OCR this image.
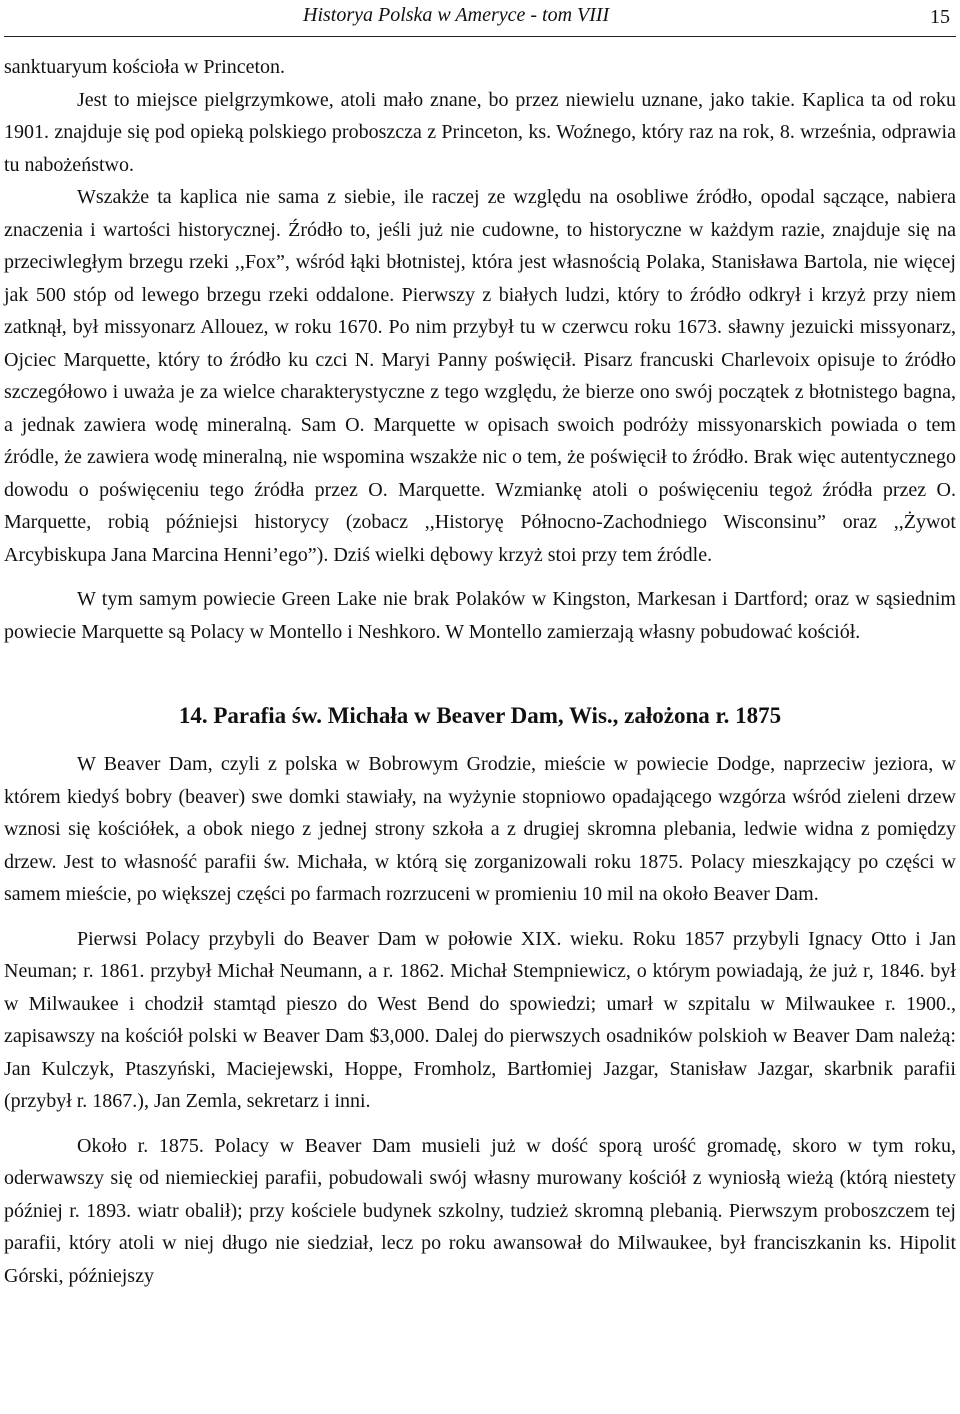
Historya Polska w Ameryce - tom VIII	15

sanktuaryum kościoła w Princeton.

Jest to miejsce pielgrzymkowe, atoli mało znane, bo przez niewielu uznane, jako takie. Kaplica ta od roku 1901. znajduje się pod opieką polskiego proboszcza z Princeton, ks. Woźnego, który raz na rok, 8. września, odprawia tu nabożeństwo.

Wszakże ta kaplica nie sama z siebie, ile raczej ze względu na osobliwe źródło, opodal sączące, nabiera znaczenia i wartości historycznej. Źródło to, jeśli już nie cudowne, to historyczne w każdym razie, znajduje się na przeciwległym brzegu rzeki ,,Fox”, wśród łąki błotnistej, która jest własnością Polaka, Stanisława Bartola, nie więcej jak 500 stóp od lewego brzegu rzeki oddalone. Pierwszy z białych ludzi, który to źródło odkrył i krzyż przy niem zatknął, był missyonarz Allouez, w roku 1670. Po nim przybył tu w czerwcu roku 1673. sławny jezuicki missyonarz, Ojciec Marquette, który to źródło ku czci N. Maryi Panny poświęcił. Pisarz francuski Charlevoix opisuje to źródło szczegółowo i uważa je za wielce charakterystyczne z tego względu, że bierze ono swój początek z błotnistego bagna, a jednak zawiera wodę mineralną. Sam O. Marquette w opisach swoich podróży missyonarskich powiada o tem źródle, że zawiera wodę mineralną, nie wspomina wszakże nic o tem, że poświęcił to źródło. Brak więc autentycznego dowodu o poświęceniu tego źródła przez O. Marquette. Wzmiankę atoli o poświęceniu tegoż źródła przez O. Marquette, robią późniejsi historycy (zobacz ,,Historyę Północno-Zachodniego Wisconsinu” oraz ,,Żywot Arcybiskupa Jana Marcina Henni’ego”). Dziś wielki dębowy krzyż stoi przy tem źródle.

W tym samym powiecie Green Lake nie brak Polaków w Kingston, Markesan i Dartford; oraz w sąsiednim powiecie Marquette są Polacy w Montello i Neshkoro. W Montello zamierzają własny pobudować kościół.

14. Parafia św. Michała w Beaver Dam, Wis., założona r. 1875

W Beaver Dam, czyli z polska w Bobrowym Grodzie, mieście w powiecie Dodge, naprzeciw jeziora, w którem kiedyś bobry (beaver) swe domki stawiały, na wyżynie stopniowo opadającego wzgórza wśród zieleni drzew wznosi się kościółek, a obok niego z jednej strony szkoła a z drugiej skromna plebania, ledwie widna z pomiędzy drzew. Jest to własność parafii św. Michała, w którą się zorganizowali roku 1875. Polacy mieszkający po części w samem mieście, po większej części po farmach rozrzuceni w promieniu 10 mil na około Beaver Dam.

Pierwsi Polacy przybyli do Beaver Dam w połowie XIX. wieku. Roku 1857 przybyli Ignacy Otto i Jan Neuman; r. 1861. przybył Michał Neumann, a r. 1862. Michał Stempniewicz, o którym powiadają, że już r, 1846. był w Milwaukee i chodził stamtąd pieszo do West Bend do spowiedzi; umarł w szpitalu w Milwaukee r. 1900., zapisawszy na kościół polski w Beaver Dam $3,000. Dalej do pierwszych osadników polskioh w Beaver Dam należą: Jan Kulczyk, Ptaszyński, Maciejewski, Hoppe, Fromholz, Bartłomiej Jazgar, Stanisław Jazgar, skarbnik parafii (przybył r. 1867.), Jan Zemla, sekretarz i inni.

Około r. 1875. Polacy w Beaver Dam musieli już w dość sporą urość gromadę, skoro w tym roku, oderwawszy się od niemieckiej parafii, pobudowali swój własny murowany kościół z wyniosłą wieżą (którą niestety później r. 1893. wiatr obalił); przy kościele budynek szkolny, tudzież skromną plebanią. Pierwszym proboszczem tej parafii, który atoli w niej długo nie siedział, lecz po roku awansował do Milwaukee, był franciszkanin ks. Hipolit Górski, późniejszy
